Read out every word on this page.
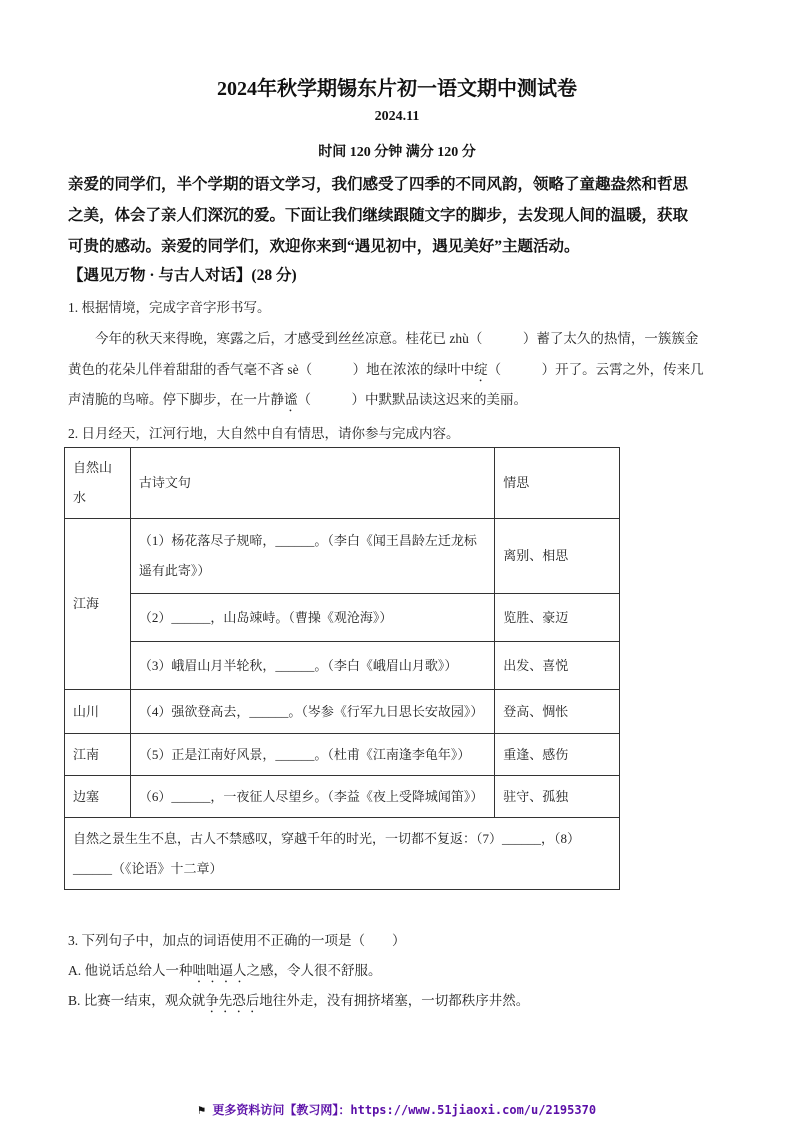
2024年秋学期锡东片初一语文期中测试卷
2024.11
时间 120 分钟 满分 120 分
亲爱的同学们，半个学期的语文学习，我们感受了四季的不同风韵，领略了童趣盎然和哲思
之美，体会了亲人们深沉的爱。下面让我们继续跟随文字的脚步，去发现人间的温暖，获取
可贵的感动。亲爱的同学们，欢迎你来到“遇见初中，遇见美好”主题活动。
【遇见万物 · 与古人对话】(28 分)
1. 根据情境，完成字音字形书写。
今年的秋天来得晚，寒露之后，才感受到丝丝凉意。桂花已 zhù（　　　）蓄了太久的热情，一簇簇金
黄色的花朵儿伴着甜甜的香气毫不吝 sè（　　　）地在浓浓的绿叶中绽（　　　）开了。云霄之外，传来几
声清脆的鸟啼。停下脚步，在一片静谧（　　　）中默默品读这迟来的美丽。
2. 日月经天，江河行地，大自然中自有情思，请你参与完成内容。
自然山水	古诗文句	情思
江海	（1）杨花落尽子规啼，______。（李白《闻王昌龄左迁龙标遥有此寄》）	离别、相思
	（2）______，山岛竦峙。（曹操《观沧海》）	览胜、豪迈
	（3）峨眉山月半轮秋，______。（李白《峨眉山月歌》）	出发、喜悦
山川	（4）强欲登高去，______。（岑参《行军九日思长安故园》）	登高、惆怅
江南	（5）正是江南好风景，______。（杜甫《江南逢李龟年》）	重逢、感伤
边塞	（6）______，一夜征人尽望乡。（李益《夜上受降城闻笛》）	驻守、孤独
自然之景生生不息，古人不禁感叹，穿越千年的时光，一切都不复返：（7）______，（8）______（《论语》十二章）		
3. 下列句子中，加点的词语使用不正确的一项是（　　）
A. 他说话总给人一种咄咄逼人之感，令人很不舒服。
B. 比赛一结束，观众就争先恐后地往外走，没有拥挤堵塞，一切都秩序井然。
⚑ 更多资料访问【教习网】：https://www.51jiaoxi.com/u/2195370
